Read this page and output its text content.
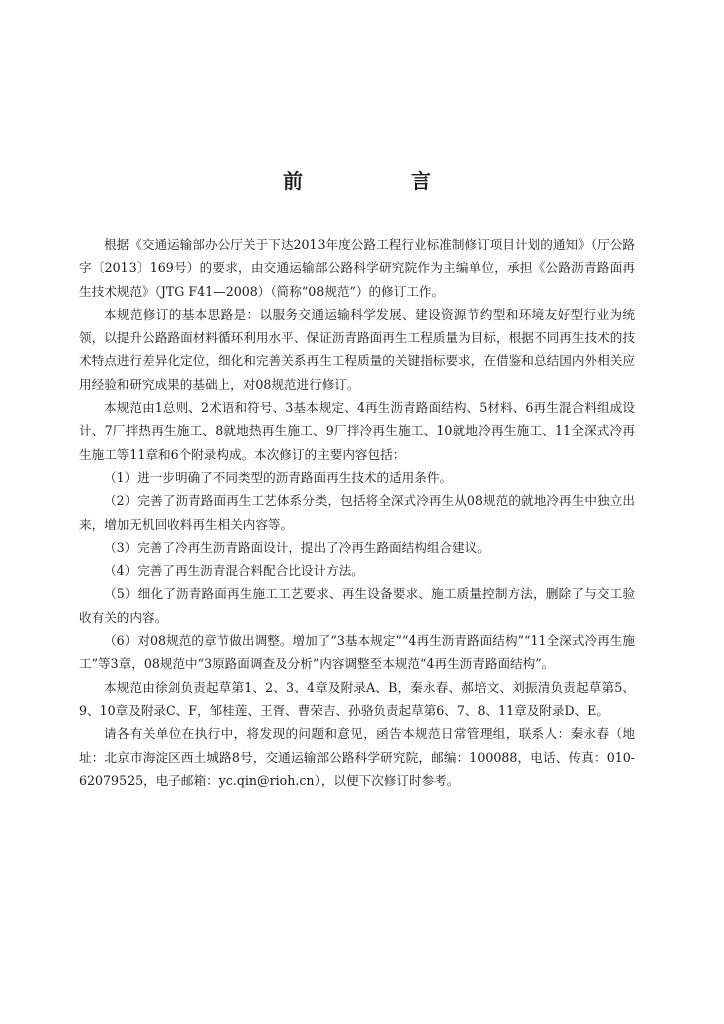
前　言

根据《交通运输部办公厅关于下达2013年度公路工程行业标准制修订项目计划的通知》（厅公路字〔2013〕169号）的要求，由交通运输部公路科学研究院作为主编单位，承担《公路沥青路面再生技术规范》（JTG F41—2008）（简称“08规范”）的修订工作。

本规范修订的基本思路是：以服务交通运输科学发展、建设资源节约型和环境友好型行业为统领，以提升公路路面材料循环利用水平、保证沥青路面再生工程质量为目标，根据不同再生技术的技术特点进行差异化定位，细化和完善关系再生工程质量的关键指标要求，在借鉴和总结国内外相关应用经验和研究成果的基础上，对08规范进行修订。

本规范由1总则、2术语和符号、3基本规定、4再生沥青路面结构、5材料、6再生混合料组成设计、7厂拌热再生施工、8就地热再生施工、9厂拌冷再生施工、10就地冷再生施工、11全深式冷再生施工等11章和6个附录构成。本次修订的主要内容包括：

（1）进一步明确了不同类型的沥青路面再生技术的适用条件。

（2）完善了沥青路面再生工艺体系分类，包括将全深式冷再生从08规范的就地冷再生中独立出来，增加无机回收料再生相关内容等。

（3）完善了冷再生沥青路面设计，提出了冷再生路面结构组合建议。

（4）完善了再生沥青混合料配合比设计方法。

（5）细化了沥青路面再生施工工艺要求、再生设备要求、施工质量控制方法，删除了与交工验收有关的内容。

（6）对08规范的章节做出调整。增加了“3基本规定”“4再生沥青路面结构”“11全深式冷再生施工”等3章，08规范中“3原路面调查及分析”内容调整至本规范“4再生沥青路面结构”。

本规范由徐剑负责起草第1、2、3、4章及附录A、B，秦永春、郝培文、刘振清负责起草第5、9、10章及附录C、F，邹桂莲、王胥、曹荣吉、孙骆负责起草第6、7、8、11章及附录D、E。

请各有关单位在执行中，将发现的问题和意见，函告本规范日常管理组，联系人：秦永春（地址：北京市海淀区西土城路8号，交通运输部公路科学研究院，邮编：100088，电话、传真：010-62079525，电子邮箱：yc.qin@rioh.cn），以便下次修订时参考。
